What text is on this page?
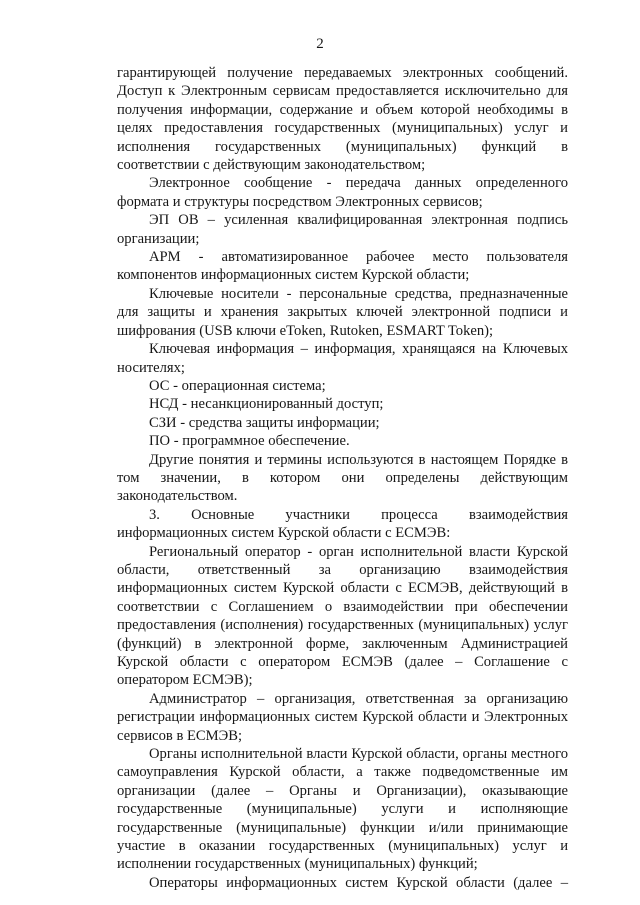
2

гарантирующей получение передаваемых электронных сообщений. Доступ к Электронным сервисам предоставляется исключительно для получения информации, содержание и объем которой необходимы в целях предоставления государственных (муниципальных) услуг и исполнения государственных (муниципальных) функций в соответствии с действующим законодательством;

Электронное сообщение - передача данных определенного формата и структуры посредством Электронных сервисов;

ЭП ОВ – усиленная квалифицированная электронная подпись организации;

АРМ - автоматизированное рабочее место пользователя компонентов информационных систем Курской области;

Ключевые носители - персональные средства, предназначенные для защиты и хранения закрытых ключей электронной подписи и шифрования (USB ключи eToken, Rutoken, ESMART Token);

Ключевая информация – информация, хранящаяся на Ключевых носителях;

ОС - операционная система;

НСД - несанкционированный доступ;

СЗИ - средства защиты информации;

ПО - программное обеспечение.

Другие понятия и термины используются в настоящем Порядке в том значении, в котором они определены действующим законодательством.

3. Основные участники процесса взаимодействия информационных систем Курской области с ЕСМЭВ:

Региональный оператор - орган исполнительной власти Курской области, ответственный за организацию взаимодействия информационных систем Курской области с ЕСМЭВ, действующий в соответствии с Соглашением о взаимодействии при обеспечении предоставления (исполнения) государственных (муниципальных) услуг (функций) в электронной форме, заключенным Администрацией Курской области с оператором ЕСМЭВ (далее – Соглашение с оператором ЕСМЭВ);

Администратор – организация, ответственная за организацию регистрации информационных систем Курской области и Электронных сервисов в ЕСМЭВ;

Органы исполнительной власти Курской области, органы местного самоуправления Курской области, а также подведомственные им организации (далее – Органы и Организации), оказывающие государственные (муниципальные) услуги и исполняющие государственные (муниципальные) функции и/или принимающие участие в оказании государственных (муниципальных) услуг и исполнении государственных (муниципальных) функций;

Операторы информационных систем Курской области (далее –
